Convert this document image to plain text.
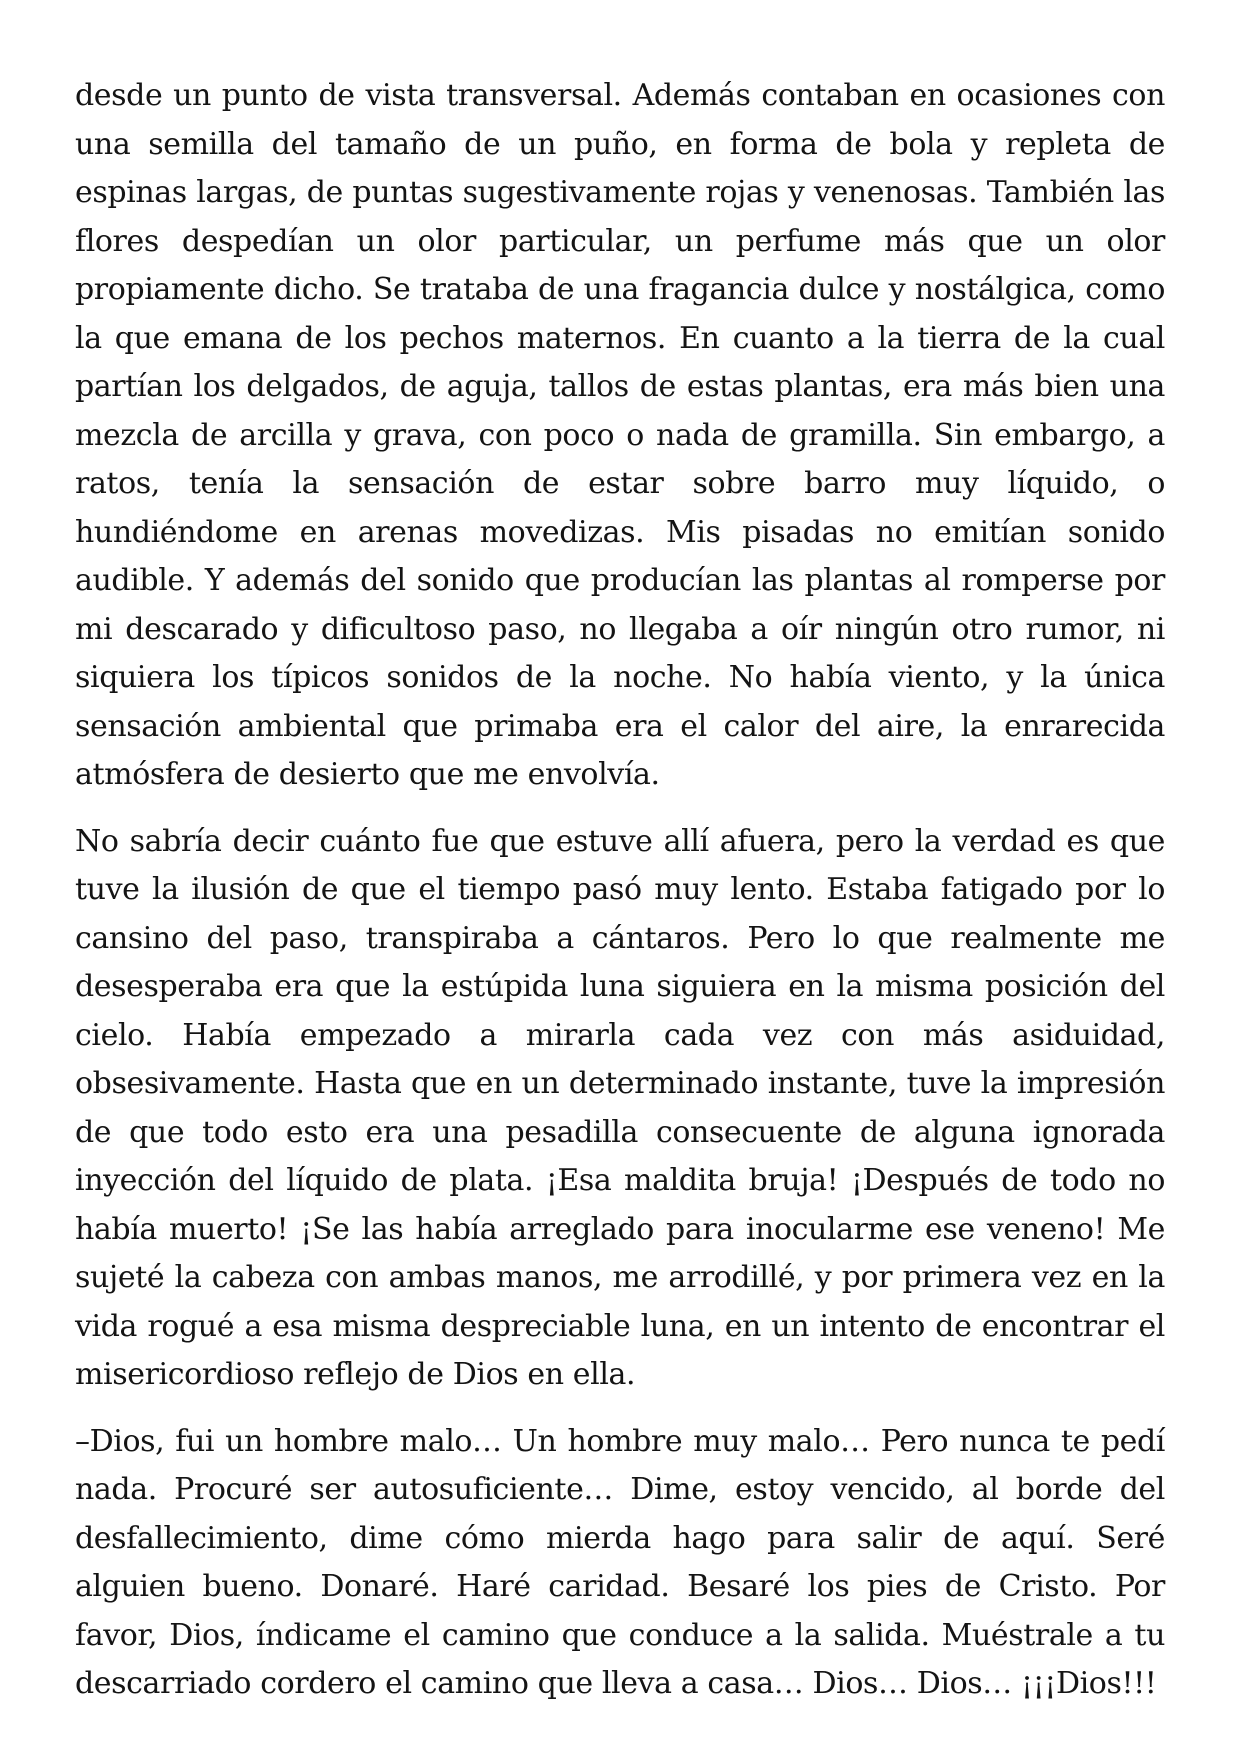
desde un punto de vista transversal. Además contaban en ocasiones con una semilla del tamaño de un puño, en forma de bola y repleta de espinas largas, de puntas sugestivamente rojas y venenosas. También las flores despedían un olor particular, un perfume más que un olor propiamente dicho. Se trataba de una fragancia dulce y nostálgica, como la que emana de los pechos maternos. En cuanto a la tierra de la cual partían los delgados, de aguja, tallos de estas plantas, era más bien una mezcla de arcilla y grava, con poco o nada de gramilla. Sin embargo, a ratos, tenía la sensación de estar sobre barro muy líquido, o hundiéndome en arenas movedizas. Mis pisadas no emitían sonido audible. Y además del sonido que producían las plantas al romperse por mi descarado y dificultoso paso, no llegaba a oír ningún otro rumor, ni siquiera los típicos sonidos de la noche. No había viento, y la única sensación ambiental que primaba era el calor del aire, la enrarecida atmósfera de desierto que me envolvía.

No sabría decir cuánto fue que estuve allí afuera, pero la verdad es que tuve la ilusión de que el tiempo pasó muy lento. Estaba fatigado por lo cansino del paso, transpiraba a cántaros. Pero lo que realmente me desesperaba era que la estúpida luna siguiera en la misma posición del cielo. Había empezado a mirarla cada vez con más asiduidad, obsesivamente. Hasta que en un determinado instante, tuve la impresión de que todo esto era una pesadilla consecuente de alguna ignorada inyección del líquido de plata. ¡Esa maldita bruja! ¡Después de todo no había muerto! ¡Se las había arreglado para inocularme ese veneno! Me sujeté la cabeza con ambas manos, me arrodillé, y por primera vez en la vida rogué a esa misma despreciable luna, en un intento de encontrar el misericordioso reflejo de Dios en ella.

–Dios, fui un hombre malo… Un hombre muy malo… Pero nunca te pedí nada. Procuré ser autosuficiente… Dime, estoy vencido, al borde del desfallecimiento, dime cómo mierda hago para salir de aquí. Seré alguien bueno. Donaré. Haré caridad. Besaré los pies de Cristo. Por favor, Dios, índicame el camino que conduce a la salida. Muéstrale a tu descarriado cordero el camino que lleva a casa… Dios… Dios… ¡¡¡Dios!!!
